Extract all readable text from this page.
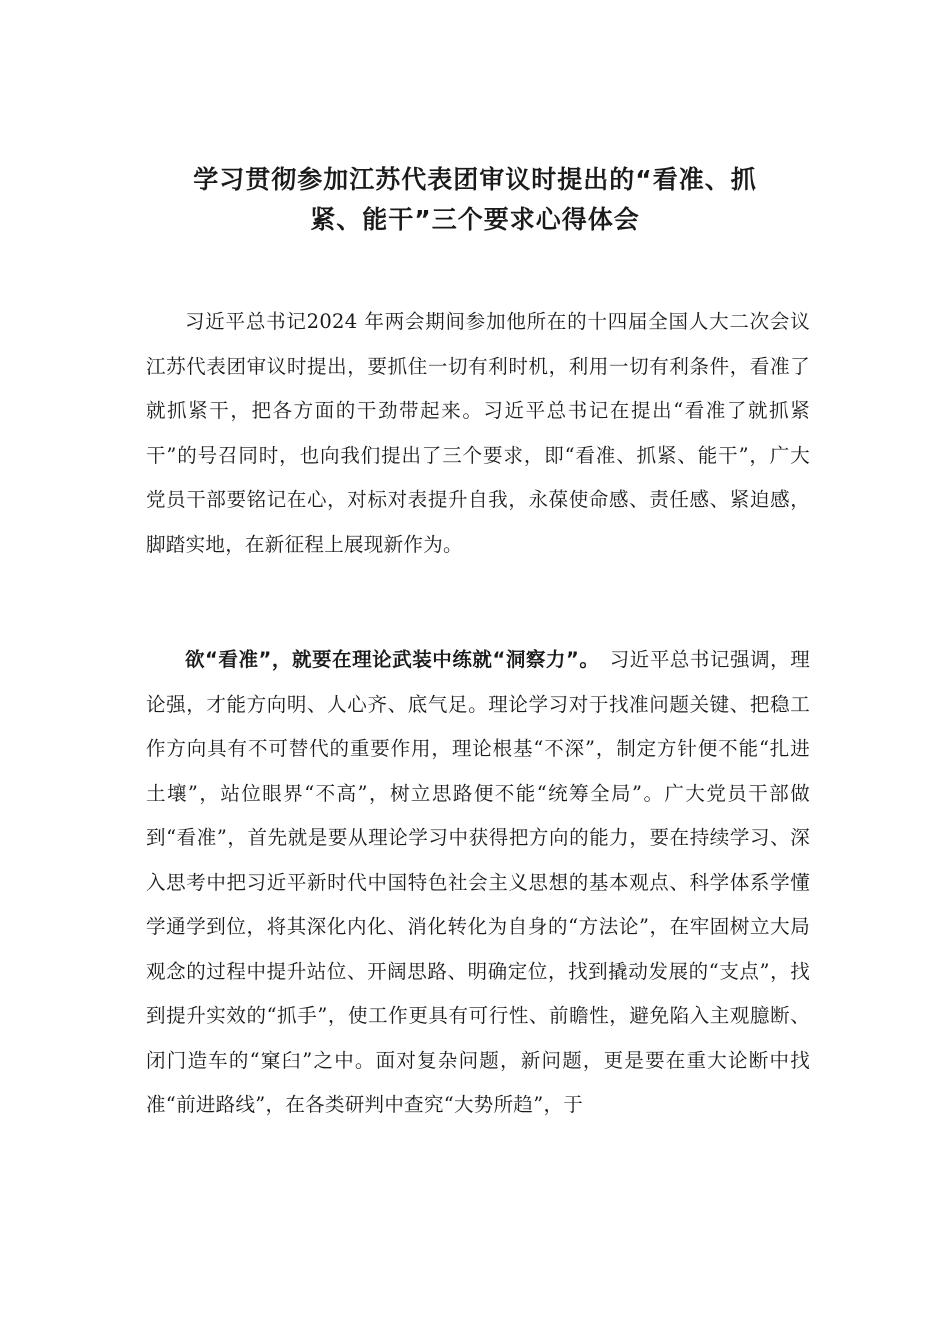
学习贯彻参加江苏代表团审议时提出的“看准、抓
紧、能干”三个要求心得体会

习近平总书记2024 年两会期间参加他所在的十四届全国人大二次会议江苏代表团审议时提出，要抓住一切有利时机，利用一切有利条件，看准了就抓紧干，把各方面的干劲带起来。习近平总书记在提出“看准了就抓紧干”的号召同时，也向我们提出了三个要求，即“看准、抓紧、能干”，广大党员干部要铭记在心，对标对表提升自我，永葆使命感、责任感、紧迫感，脚踏实地，在新征程上展现新作为。

欲“看准”，就要在理论武装中练就“洞察力”。　习近平总书记强调，理论强，才能方向明、人心齐、底气足。理论学习对于找准问题关键、把稳工作方向具有不可替代的重要作用，理论根基“不深”，制定方针便不能“扎进土壤”，站位眼界“不高”，树立思路便不能“统筹全局”。广大党员干部做到“看准”，首先就是要从理论学习中获得把方向的能力，要在持续学习、深入思考中把习近平新时代中国特色社会主义思想的基本观点、科学体系学懂学通学到位，将其深化内化、消化转化为自身的“方法论”，在牢固树立大局观念的过程中提升站位、开阔思路、明确定位，找到撬动发展的“支点”，找到提升实效的“抓手”，使工作更具有可行性、前瞻性，避免陷入主观臆断、闭门造车的“窠臼”之中。面对复杂问题，新问题，更是要在重大论断中找准“前进路线”，在各类研判中查究“大势所趋”，于
